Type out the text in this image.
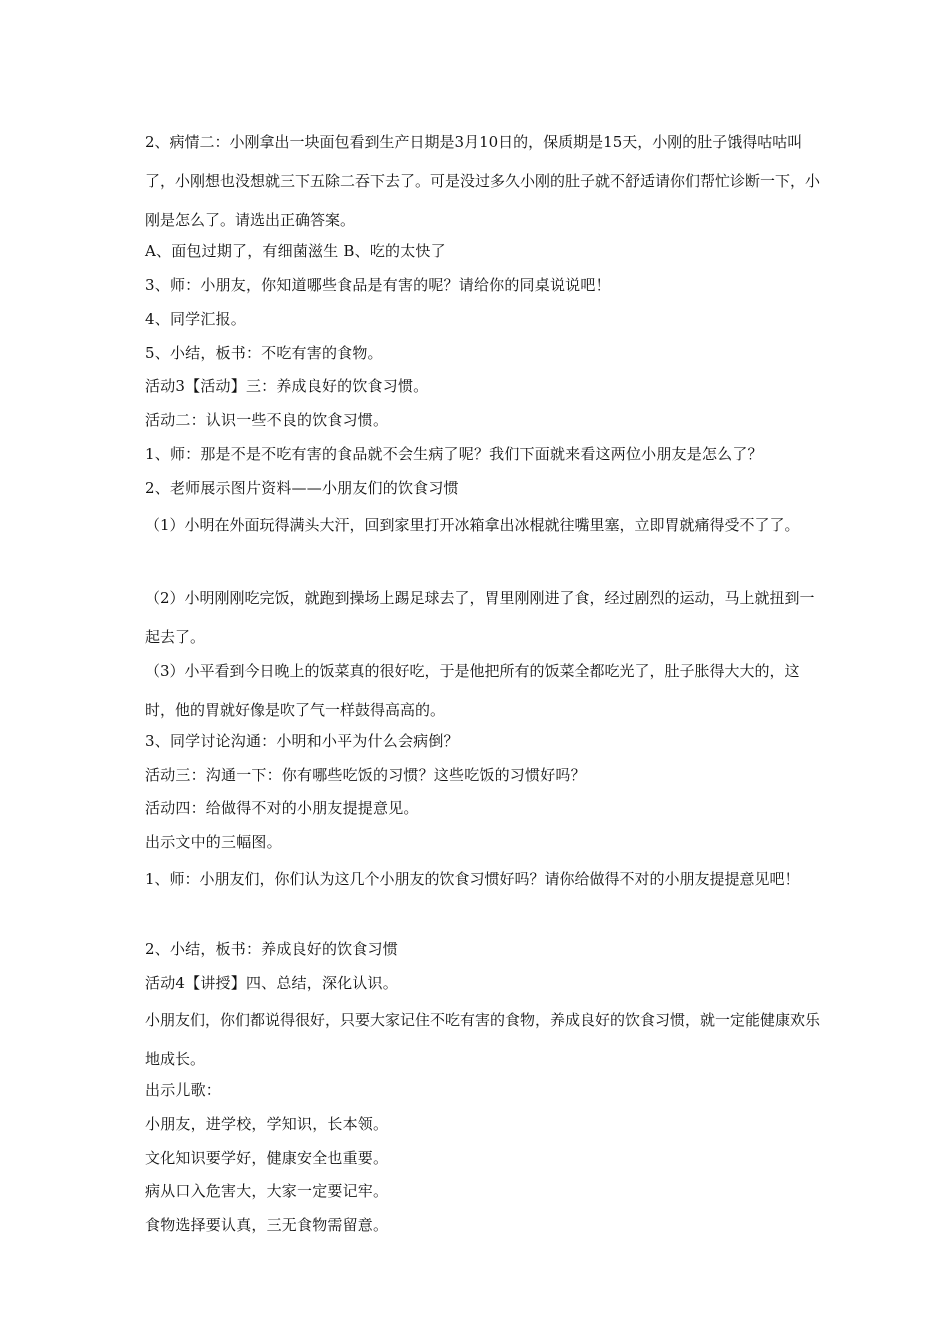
2、病情二：小刚拿出一块面包看到生产日期是3月10日的，保质期是15天，小刚的肚子饿得咕咕叫了，小刚想也没想就三下五除二吞下去了。可是没过多久小刚的肚子就不舒适请你们帮忙诊断一下，小刚是怎么了。请选出正确答案。
A、面包过期了，有细菌滋生 B、吃的太快了
3、师：小朋友，你知道哪些食品是有害的呢？请给你的同桌说说吧！
4、同学汇报。
5、小结，板书：不吃有害的食物。
活动3【活动】三：养成良好的饮食习惯。
活动二：认识一些不良的饮食习惯。
1、师：那是不是不吃有害的食品就不会生病了呢？我们下面就来看这两位小朋友是怎么了？
2、老师展示图片资料——小朋友们的饮食习惯
（1）小明在外面玩得满头大汗，回到家里打开冰箱拿出冰棍就往嘴里塞，立即胃就痛得受不了了。
（2）小明刚刚吃完饭，就跑到操场上踢足球去了，胃里刚刚进了食，经过剧烈的运动，马上就扭到一起去了。
（3）小平看到今日晚上的饭菜真的很好吃，于是他把所有的饭菜全都吃光了，肚子胀得大大的，这时，他的胃就好像是吹了气一样鼓得高高的。
3、同学讨论沟通：小明和小平为什么会病倒？
活动三：沟通一下：你有哪些吃饭的习惯？这些吃饭的习惯好吗？
活动四：给做得不对的小朋友提提意见。
出示文中的三幅图。
1、师：小朋友们，你们认为这几个小朋友的饮食习惯好吗？请你给做得不对的小朋友提提意见吧！
2、小结，板书：养成良好的饮食习惯
活动4【讲授】四、总结，深化认识。
小朋友们，你们都说得很好，只要大家记住不吃有害的食物，养成良好的饮食习惯，就一定能健康欢乐地成长。
出示儿歌：
小朋友，进学校，学知识，长本领。
文化知识要学好，健康安全也重要。
病从口入危害大，大家一定要记牢。
食物选择要认真，三无食物需留意。
